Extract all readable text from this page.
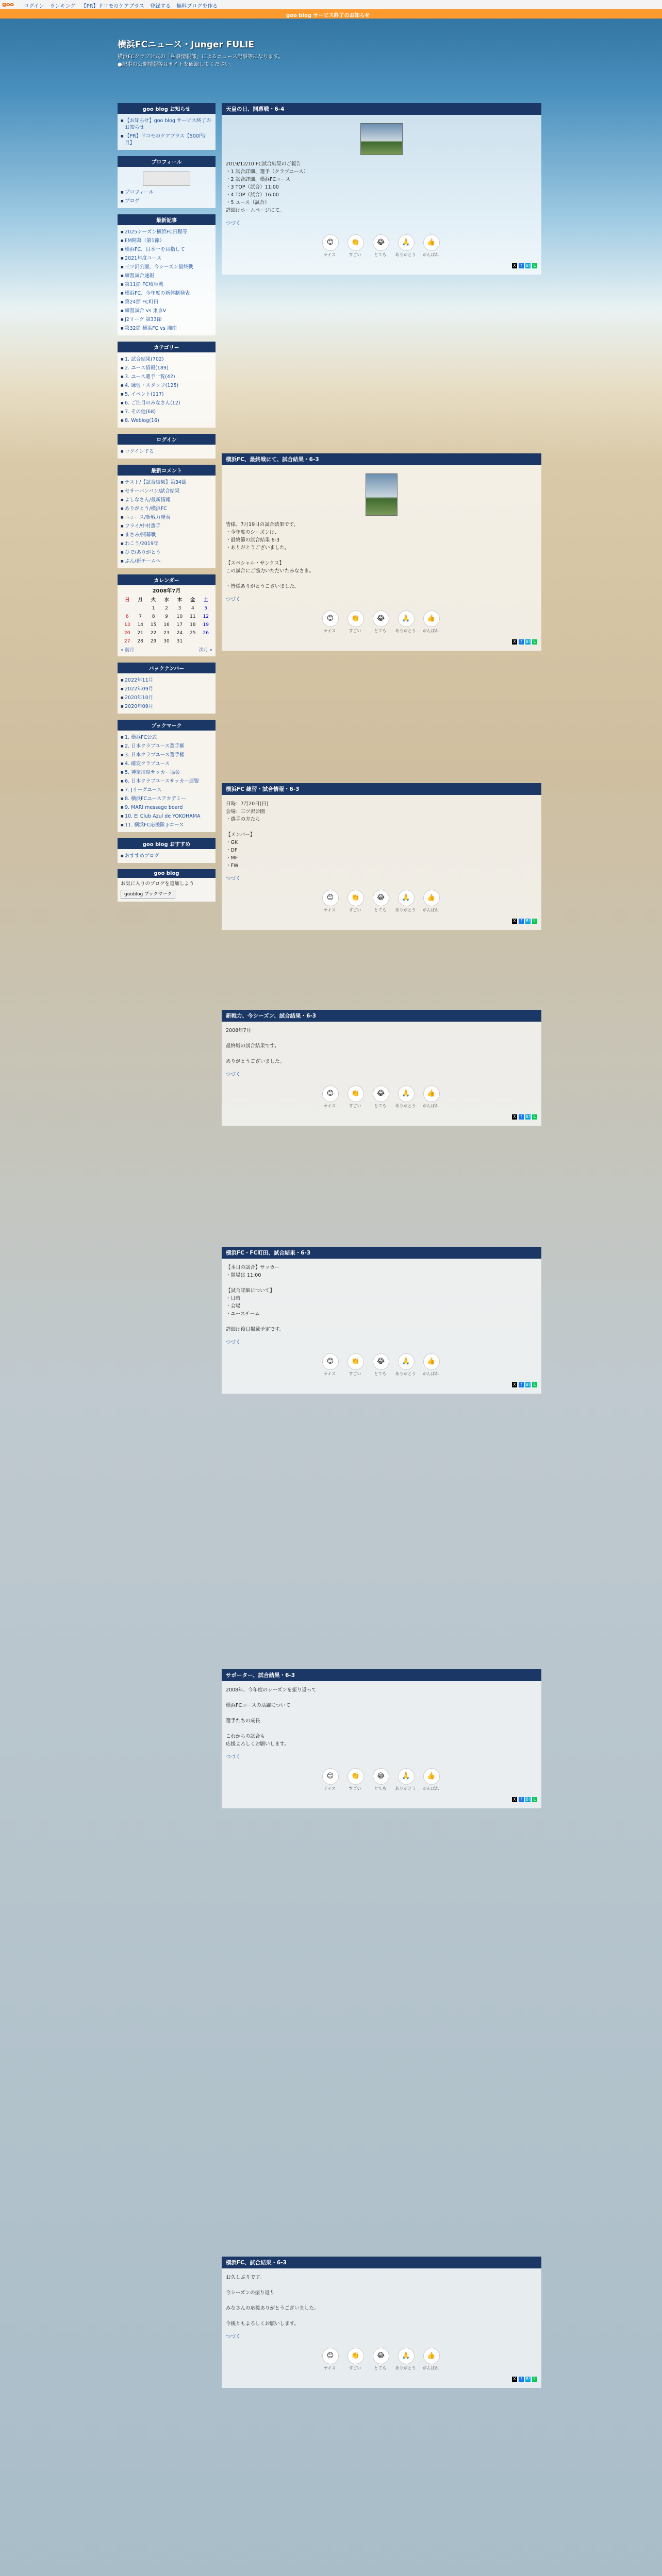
goo ログイン ランキング 【PR】ドコモのケアプラス 登録する 無料ブログを作る
goo blog サービス終了のお知らせ
横浜FCニュース・Junger FULIE
横浜FCクラブ公式の「私設情報部」によるニュース記事等になります。
●記事の公開情報等はサイトを確認してください。
goo blog お知らせ
■ 【お知らせ】goo blog サービス終了のお知らせ
■ 【PR】ドコモのケアプラス【500円/月】
プロフィール
■ プロフィール
■ ブログ
最新記事
■ 2025シーズン横浜FC日程等
■ FM開幕（第1節）
■ 横浜FC、日本一を目指して
■ 2021年度ユース
■ 三ツ沢公園、今シーズン最終戦
■ 練習試合速報
■ 第11節 FC岐阜戦
■ 横浜FC、今年度の新体制発表
■ 第24節 FC町田
■ 練習試合 vs 東京V
■ J2リーグ 第33節
■ 第32節 横浜FC vs 湘南
カテゴリー
■ 1. 試合結果(702)
■ 2. ユース情報(189)
■ 3. ユース選手一覧(42)
■ 4. 練習・スタッフ(125)
■ 5. イベント(117)
■ 6. ご注目のみなさん(12)
■ 7. その他(68)
■ 8. Weblog(16)
ログイン
■ ログインする
最新コメント
■ テスト/【試合結果】第34節
■ セサーバンバン/試合結果
■ よしなさん/最新情報
■ ありがとう/横浜FC
■ ニュース/新戦力発表
■ フライ/中村選手
■ まさみ/開幕戦
■ わこう/2019年
■ ひで/ありがとう
■ ぶん/新チームへ
カレンダー
2008年7月
日	月	火	水	木	金	土
		1	2	3	4	5
6	7	8	9	10	11	12
13	14	15	16	17	18	19
20	21	22	23	24	25	26
27	28	29	30	31		
« 前月	次月 »
バックナンバー
■ 2022年11月
■ 2022年09月
■ 2020年10月
■ 2020年09月
ブックマーク
■ 1. 横浜FC公式
■ 2. 日本クラブユース選手権
■ 3. 日本クラブユース選手権
■ 4. 確変クラブユース
■ 5. 神奈川県サッカー協会
■ 6. 日本クラブユースサッカー連盟
■ 7. Jリーグユース
■ 8. 横浜FCユースアカデミー
■ 9. MARI message board
■ 10. El Club Azul de YOKOHAMA
■ 11. 横浜FC応援隊 J-コース
goo blog おすすめ
■ おすすめブログ
goo blog
お気に入りのブログを追加しよう
gooblog ブックマーク
天皇の日、開幕戦・6-4

2019/12/10 FC試合結果のご報告
・1 試合詳細、選手（クラブユース）
・2 試合詳細、横浜FCユース
・3 TOP（試合）11:00
・4 TOP（試合）16:00
・5 ユース（試合）
詳細はホームページにて。

つづく
😊
ナイス
👏
すごい
😂
とても
🙏
ありがとう
👍
がんばれ
X f B! L
横浜FC、最終戦にて、試合結果・6-3

皆様、7月19日の試合結果です。
・今年度のシーズンは、
・最終節の試合結果 6-3
・ありがとうございました。

【スペシャル・サンクス】
この試合にご協力いただいたみなさま。

・皆様ありがとうございました。

つづく
😊
ナイス
👏
すごい
😂
とても
🙏
ありがとう
👍
がんばれ
X f B! L
横浜FC 練習・試合情報・6-3

日時：7月20日(日)
会場：三ツ沢公園
・選手の方たち

【メンバー】
・GK
・DF
・MF
・FW

つづく
😊
ナイス
👏
すごい
😂
とても
🙏
ありがとう
👍
がんばれ
X f B! L
新戦力、今シーズン、試合結果・6-3

2008年7月

最終戦の試合結果です。

ありがとうございました。

つづく
😊
ナイス
👏
すごい
😂
とても
🙏
ありがとう
👍
がんばれ
X f B! L
横浜FC・FC町田、試合結果・6-3

【本日の試合】サッカー
・開場は 11:00

【試合詳細について】
・日時
・会場
・ユースチーム

詳細は後日掲載予定です。

つづく
😊
ナイス
👏
すごい
😂
とても
🙏
ありがとう
👍
がんばれ
X f B! L
サポーター、試合結果・6-3

2008年、今年度のシーズンを振り返って

横浜FCユースの活躍について

選手たちの成長

これからの試合も
応援よろしくお願いします。

つづく
😊
ナイス
👏
すごい
😂
とても
🙏
ありがとう
👍
がんばれ
X f B! L
横浜FC、試合結果・6-3

お久しぶりです。

今シーズンの振り返り

みなさんの応援ありがとうございました。

今後ともよろしくお願いします。

つづく
😊
ナイス
👏
すごい
😂
とても
🙏
ありがとう
👍
がんばれ
X f B! L
